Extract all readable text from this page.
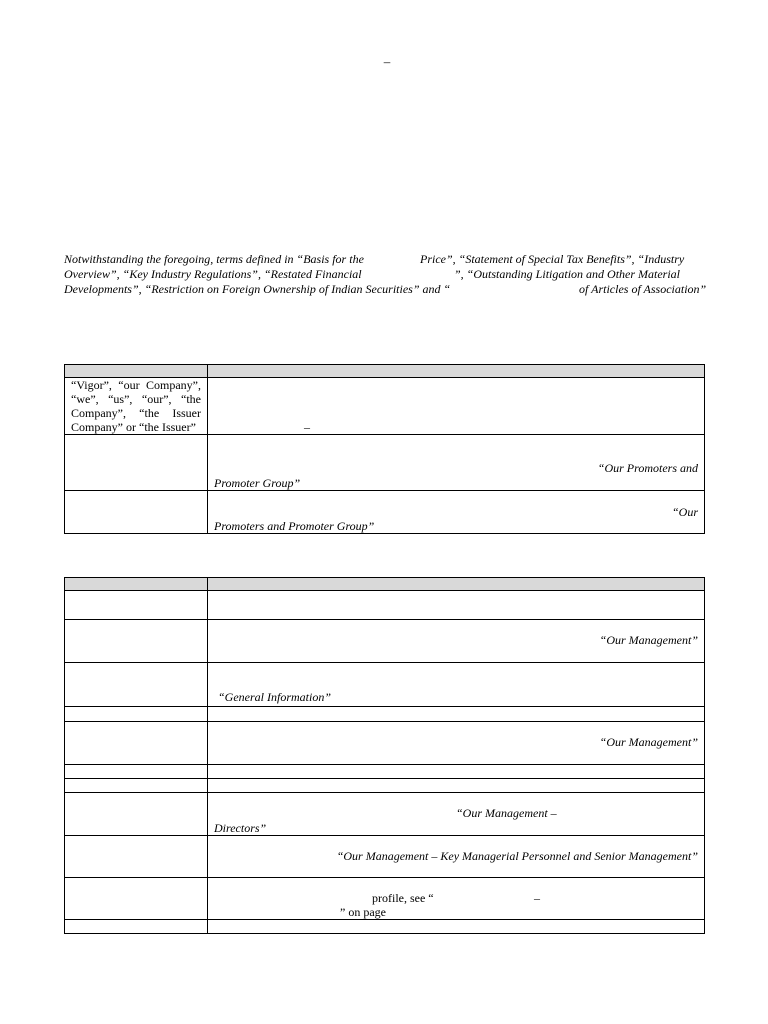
–
Notwithstanding the foregoing, terms defined in “Basis for the	Price”, “Statement of Special Tax Benefits”, “Industry
Overview”, “Key Industry Regulations”, “Restated Financial	”, “Outstanding Litigation and Other Material
Developments”, “Restriction on Foreign Ownership of Indian Securities” and “	of Articles of Association”

“Vigor”, “our Company”,
“we”, “us”, “our”, “the
Company”, “the Issuer
Company” or “the Issuer”	–

	“Our Promoters and
Promoter Group”

	“Our
Promoters and Promoter Group”

	“Our Management”

	“General Information”

	“Our Management”

	“Our Management –
Directors”

	“Our Management – Key Managerial Personnel and Senior Management”

	profile, see “ –
” on page
